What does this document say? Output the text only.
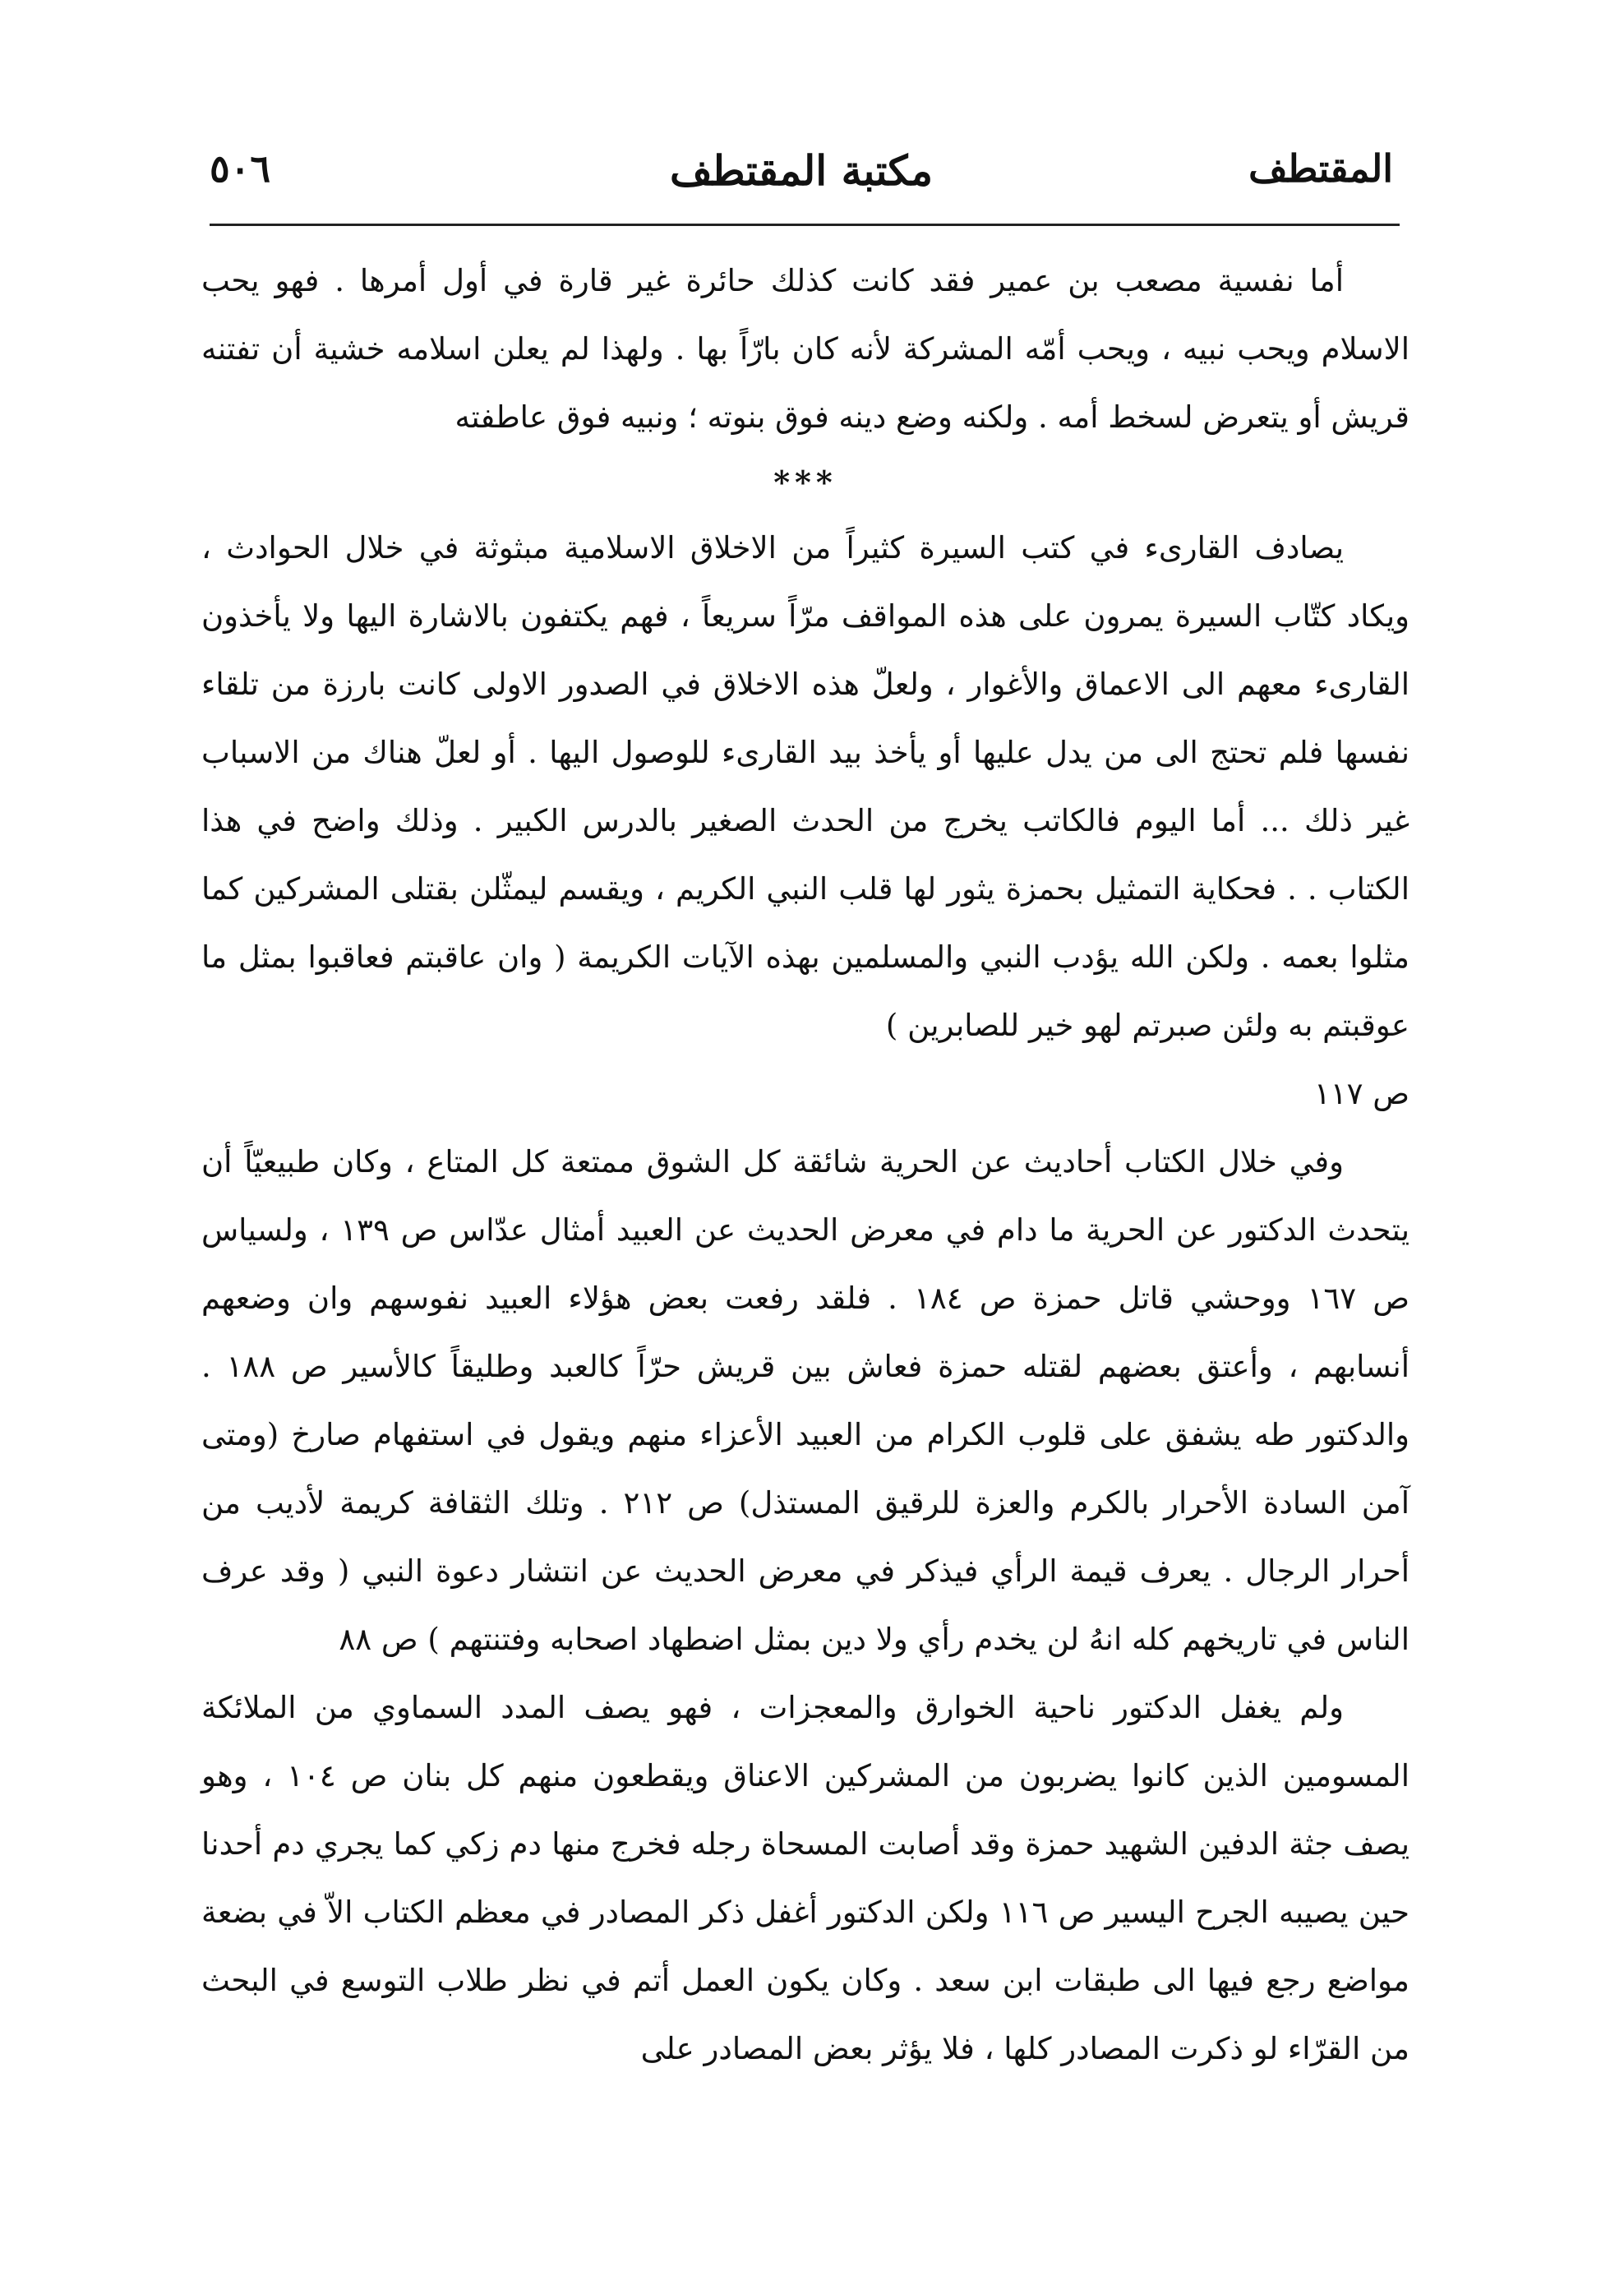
المقتطف
مكتبة المقتطف
٥٠٦

أما نفسية مصعب بن عمير فقد كانت كذلك حائرة غير قارة في أول أمرها . فهو يحب الاسلام ويحب نبيه ، ويحب أمّه المشركة لأنه كان بارّاً بها . ولهذا لم يعلن اسلامه خشية أن تفتنه قريش أو يتعرض لسخط أمه . ولكنه وضع دينه فوق بنوته ؛ ونبيه فوق عاطفته

***

يصادف القارىء في كتب السيرة كثيراً من الاخلاق الاسلامية مبثوثة في خلال الحوادث ، ويكاد كتّاب السيرة يمرون على هذه المواقف مرّاً سريعاً ، فهم يكتفون بالاشارة اليها ولا يأخذون القارىء معهم الى الاعماق والأغوار ، ولعلّ هذه الاخلاق في الصدور الاولى كانت بارزة من تلقاء نفسها فلم تحتج الى من يدل عليها أو يأخذ بيد القارىء للوصول اليها . أو لعلّ هناك من الاسباب غير ذلك ... أما اليوم فالكاتب يخرج من الحدث الصغير بالدرس الكبير . وذلك واضح في هذا الكتاب . . فحكاية التمثيل بحمزة يثور لها قلب النبي الكريم ، ويقسم ليمثّلن بقتلى المشركين كما مثلوا بعمه . ولكن الله يؤدب النبي والمسلمين بهذه الآيات الكريمة ( وان عاقبتم فعاقبوا بمثل ما عوقبتم به ولئن صبرتم لهو خير للصابرين )

ص ١١٧

وفي خلال الكتاب أحاديث عن الحرية شائقة كل الشوق ممتعة كل المتاع ، وكان طبيعيّاً أن يتحدث الدكتور عن الحرية ما دام في معرض الحديث عن العبيد أمثال عدّاس ص ١٣٩ ، ولسياس ص ١٦٧ ووحشي قاتل حمزة ص ١٨٤ . فلقد رفعت بعض هؤلاء العبيد نفوسهم وان وضعهم أنسابهم ، وأعتق بعضهم لقتله حمزة فعاش بين قريش حرّاً كالعبد وطليقاً كالأسير ص ١٨٨ . والدكتور طه يشفق على قلوب الكرام من العبيد الأعزاء منهم ويقول في استفهام صارخ (ومتى آمن السادة الأحرار بالكرم والعزة للرقيق المستذل) ص ٢١٢ . وتلك الثقافة كريمة لأديب من أحرار الرجال . يعرف قيمة الرأي فيذكر في معرض الحديث عن انتشار دعوة النبي ( وقد عرف الناس في تاريخهم كله انهُ لن يخدم رأي ولا دين بمثل اضطهاد اصحابه وفتنتهم ) ص ٨٨

ولم يغفل الدكتور ناحية الخوارق والمعجزات ، فهو يصف المدد السماوي من الملائكة المسومين الذين كانوا يضربون من المشركين الاعناق ويقطعون منهم كل بنان ص ١٠٤ ، وهو يصف جثة الدفين الشهيد حمزة وقد أصابت المسحاة رجله فخرج منها دم زكي كما يجري دم أحدنا حين يصيبه الجرح اليسير ص ١١٦ ولكن الدكتور أغفل ذكر المصادر في معظم الكتاب الاّ في بضعة مواضع رجع فيها الى طبقات ابن سعد . وكان يكون العمل أتم في نظر طلاب التوسع في البحث من القرّاء لو ذكرت المصادر كلها ، فلا يؤثر بعض المصادر على
